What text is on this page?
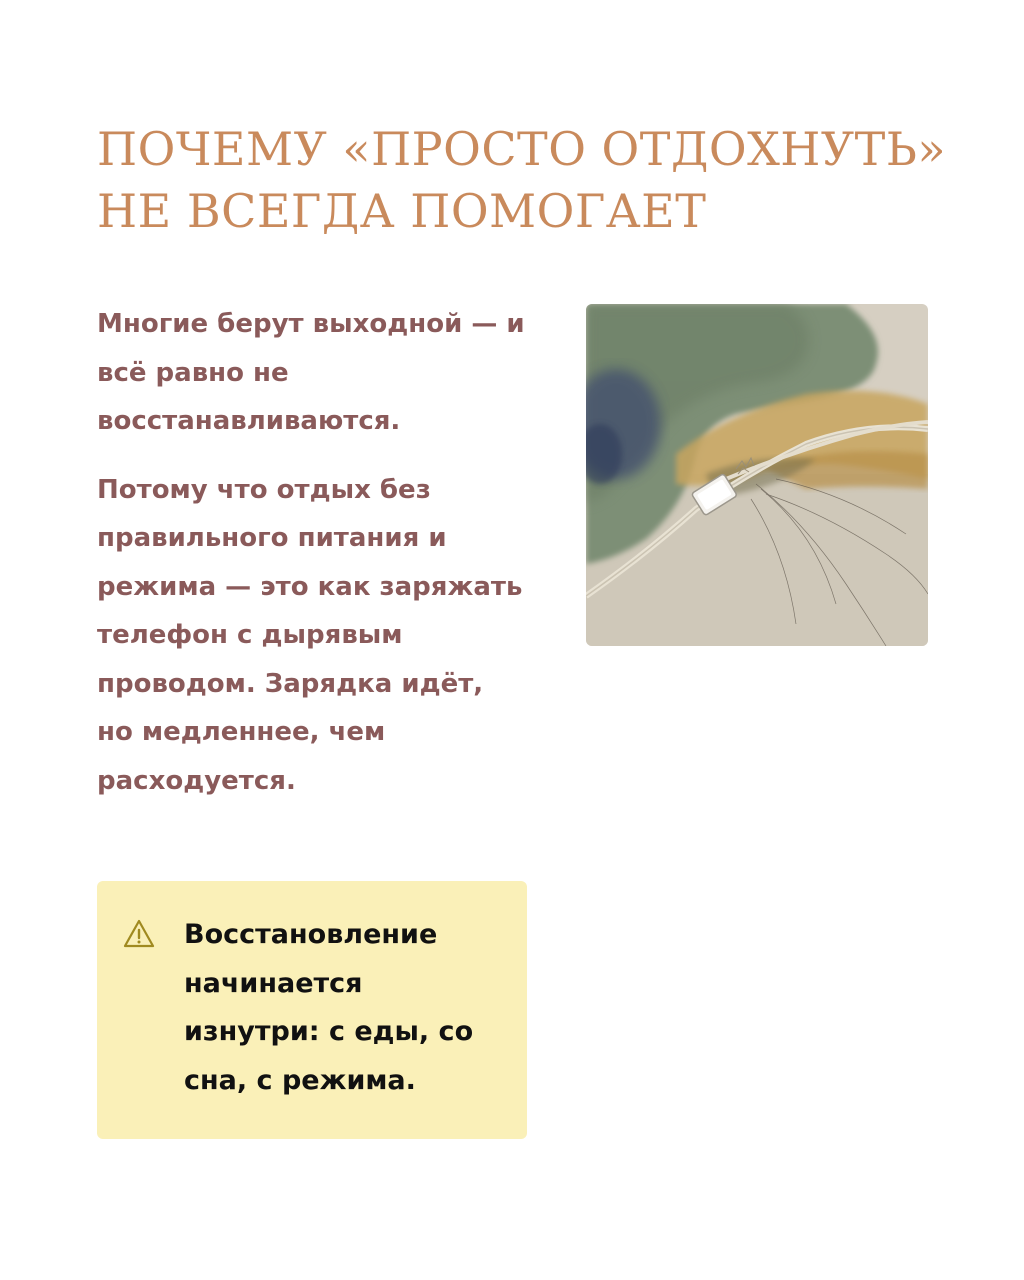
ПОЧЕМУ «ПРОСТО ОТДОХНУТЬ»
НЕ ВСЕГДА ПОМОГАЕТ

Многие берут выходной — и всё равно не восстанавливаются.

Потому что отдых без правильного питания и режима — это как заряжать телефон с дырявым проводом. Зарядка идёт, но медленнее, чем расходуется.

Восстановление начинается изнутри: с еды, со сна, с режима.
